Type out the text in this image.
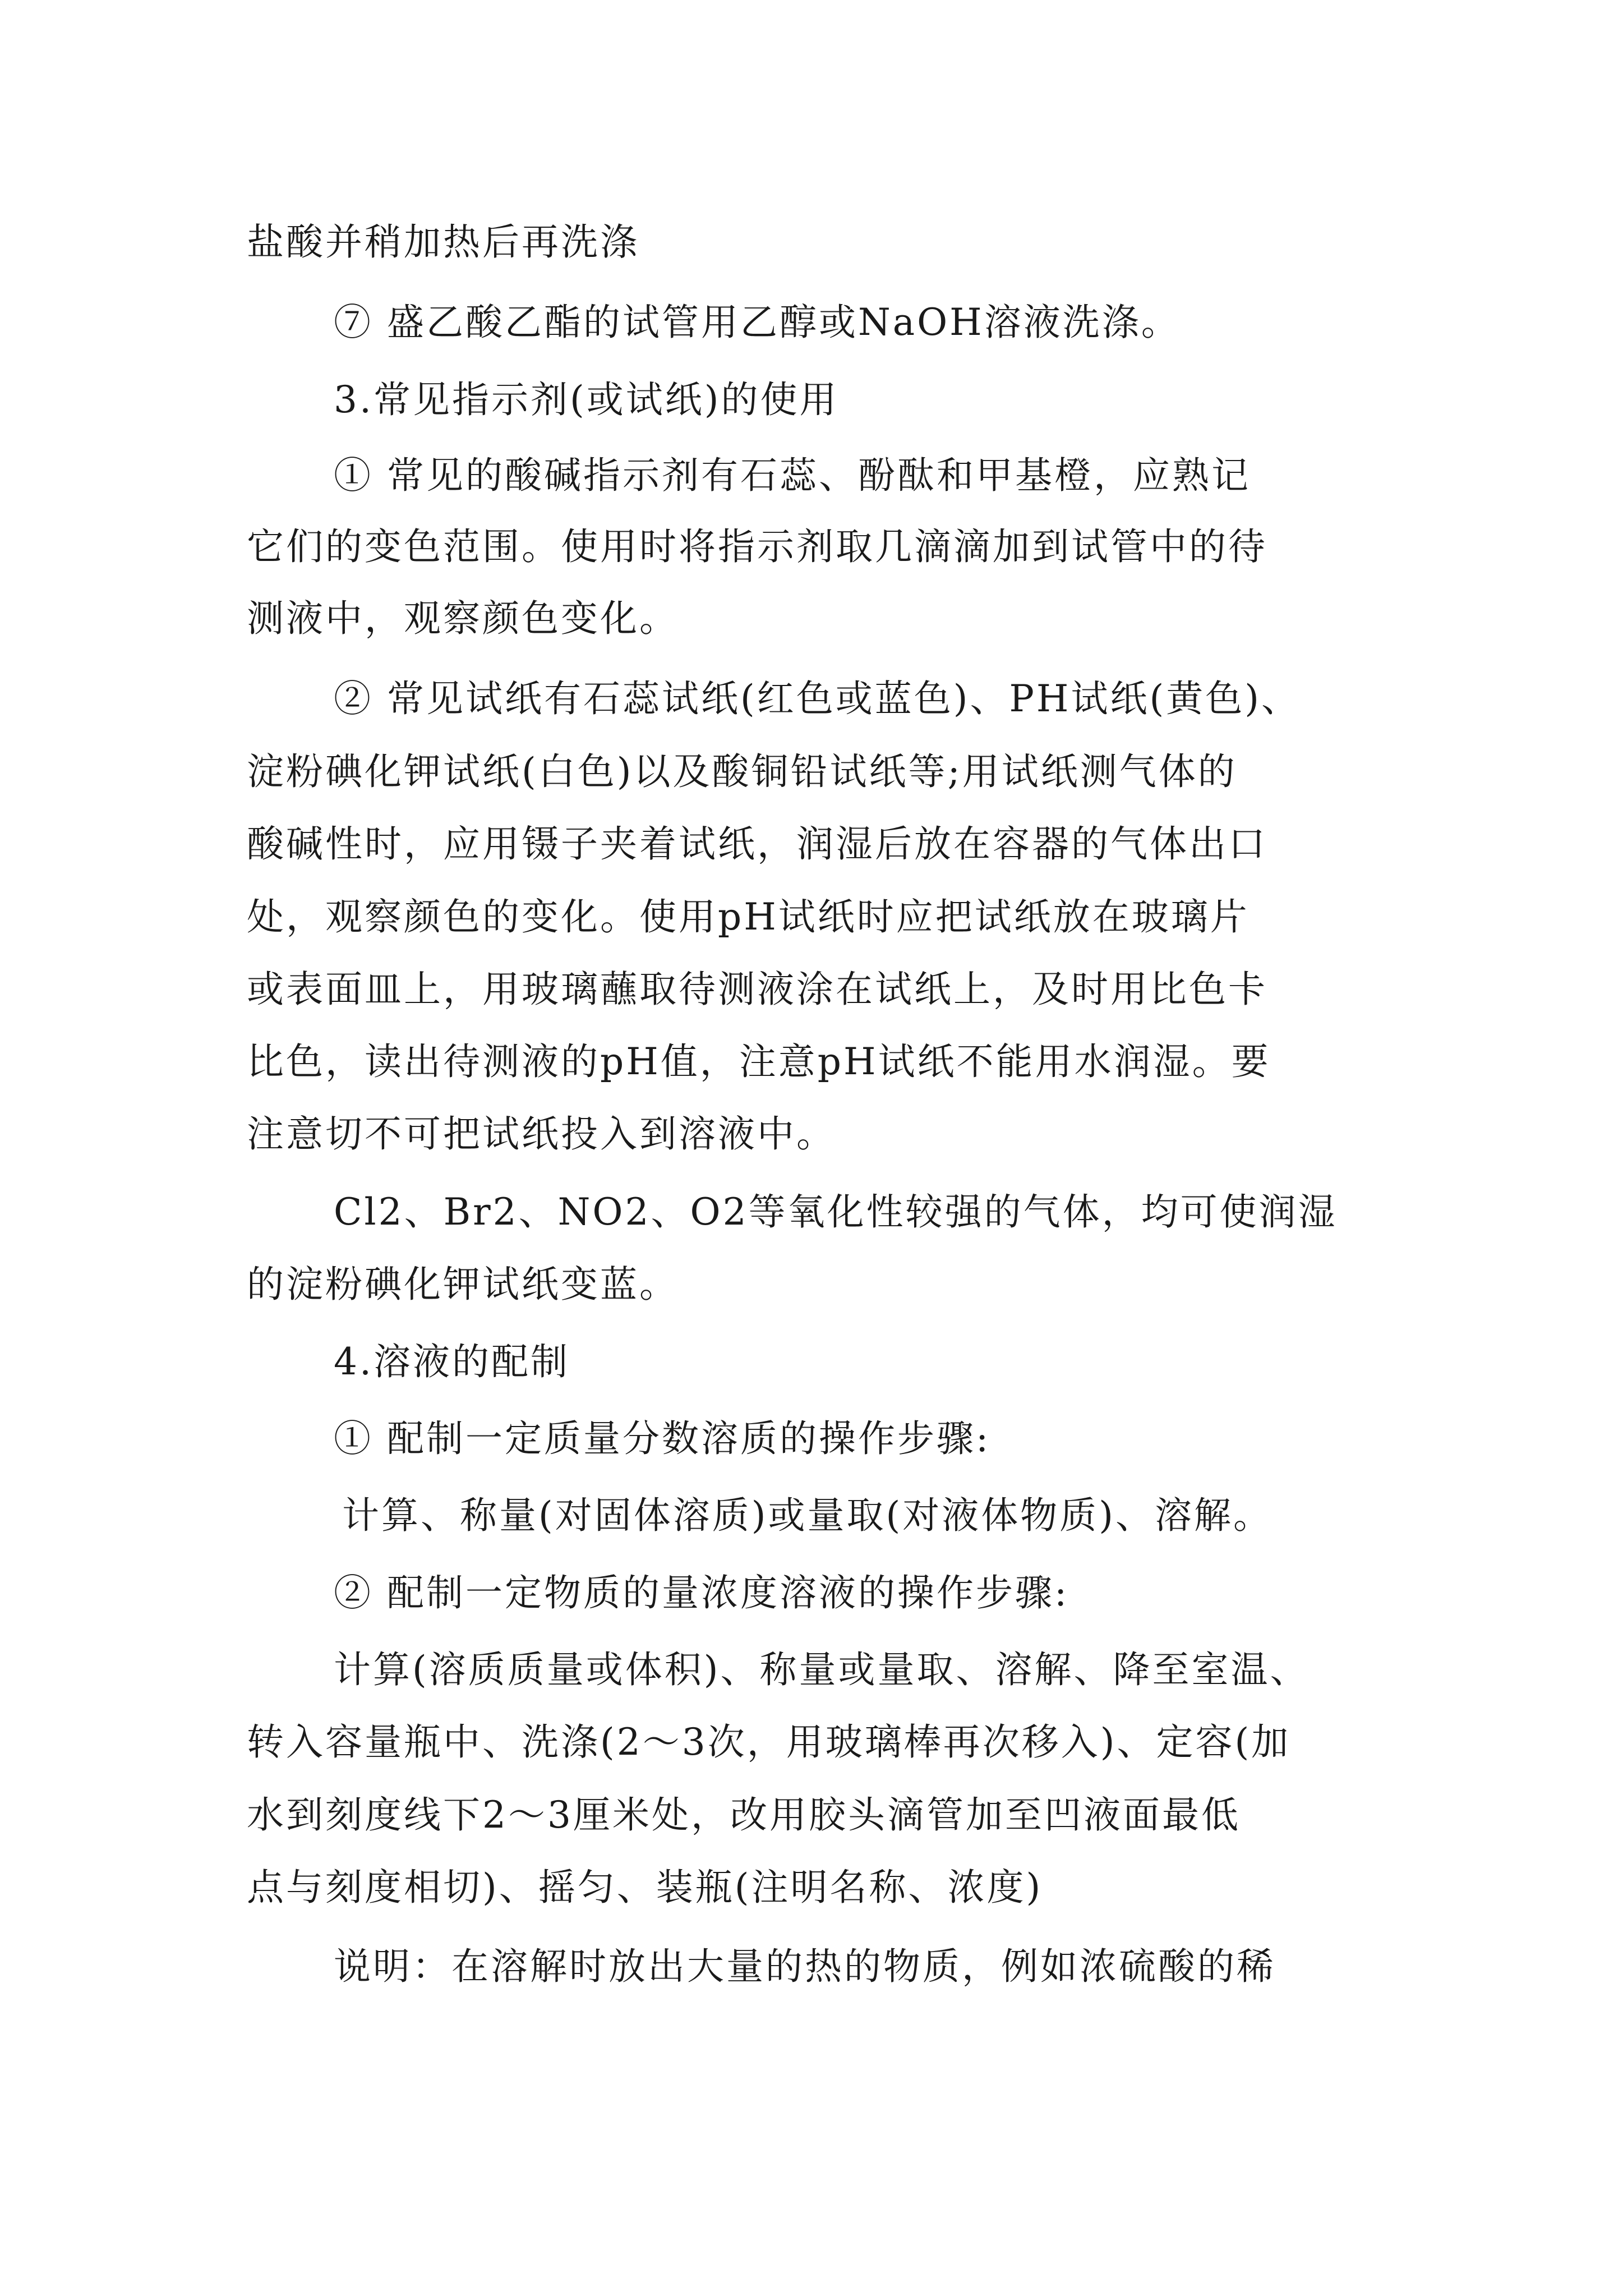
盐酸并稍加热后再洗涤
⑦ 盛乙酸乙酯的试管用乙醇或NaOH溶液洗涤。
3.常见指示剂(或试纸)的使用
① 常见的酸碱指示剂有石蕊、酚酞和甲基橙，应熟记
它们的变色范围。使用时将指示剂取几滴滴加到试管中的待
测液中，观察颜色变化。
② 常见试纸有石蕊试纸(红色或蓝色)、PH试纸(黄色)、
淀粉碘化钾试纸(白色)以及酸铜铅试纸等;用试纸测气体的
酸碱性时，应用镊子夹着试纸，润湿后放在容器的气体出口
处，观察颜色的变化。使用pH试纸时应把试纸放在玻璃片
或表面皿上，用玻璃蘸取待测液涂在试纸上，及时用比色卡
比色，读出待测液的pH值，注意pH试纸不能用水润湿。要
注意切不可把试纸投入到溶液中。
Cl2、Br2、NO2、O2等氧化性较强的气体，均可使润湿
的淀粉碘化钾试纸变蓝。
4.溶液的配制
① 配制一定质量分数溶质的操作步骤:
计算、称量(对固体溶质)或量取(对液体物质)、溶解。
② 配制一定物质的量浓度溶液的操作步骤:
计算(溶质质量或体积)、称量或量取、溶解、降至室温、
转入容量瓶中、洗涤(2～3次，用玻璃棒再次移入)、定容(加
水到刻度线下2～3厘米处，改用胶头滴管加至凹液面最低
点与刻度相切)、摇匀、装瓶(注明名称、浓度)
说明：在溶解时放出大量的热的物质，例如浓硫酸的稀
